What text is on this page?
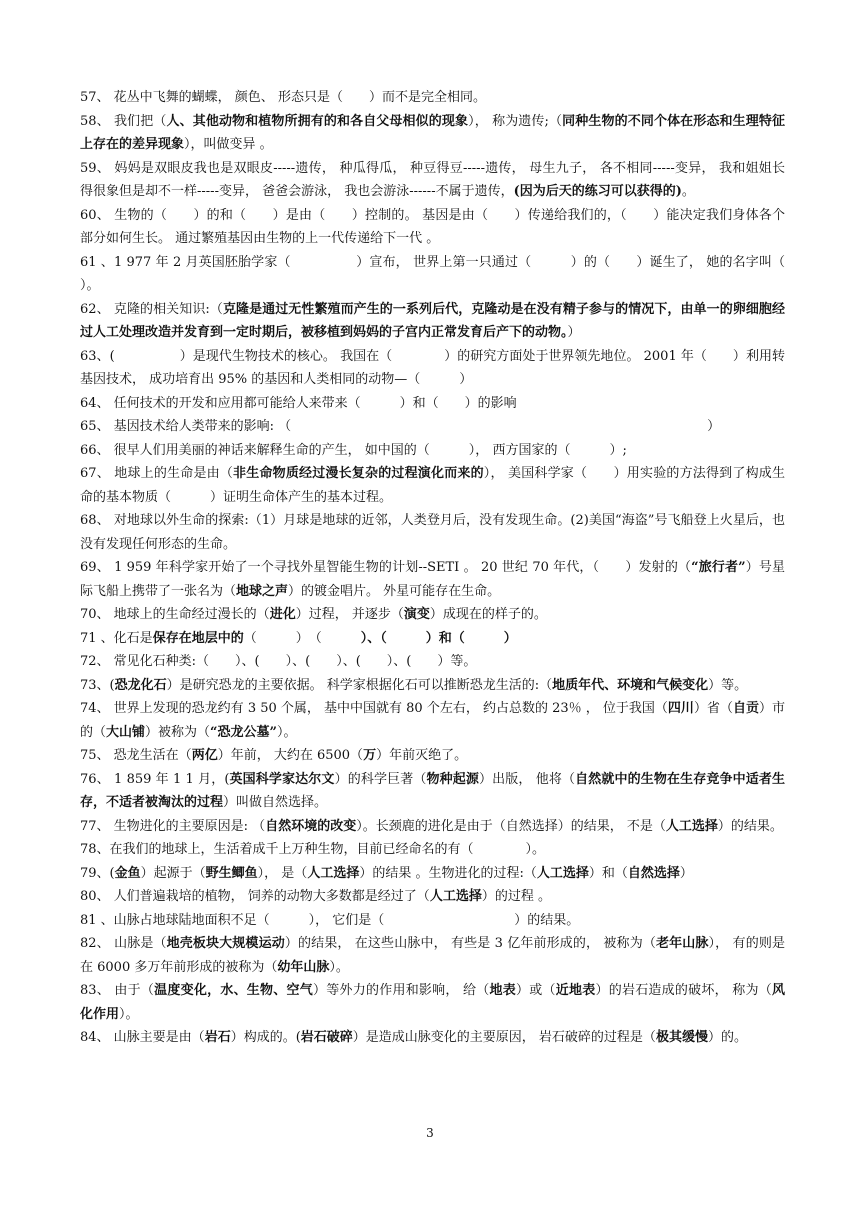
57、 花丛中飞舞的蝴蝶， 颜色、 形态只是（　　）而不是完全相同。

58、 我们把（人、其他动物和植物所拥有的和各自父母相似的现象）， 称为遗传;（同种生物的不同个体在形态和生理特征上存在的差异现象），叫做变异 。

59、 妈妈是双眼皮我也是双眼皮-----遗传， 种瓜得瓜， 种豆得豆-----遗传， 母生九子， 各不相同-----变异， 我和姐姐长得很象但是却不一样-----变异， 爸爸会游泳， 我也会游泳------不属于遗传，(因为后天的练习可以获得的)。

60、 生物的（　　）的和（　　）是由（　　）控制的。 基因是由（　　）传递给我们的，（　　）能决定我们身体各个部分如何生长。 通过繁殖基因由生物的上一代传递给下一代 。

61 、1 977 年 2 月英国胚胎学家（　　　　　）宣布， 世界上第一只通过（　　　）的（　　）诞生了， 她的名字叫（　　　）。

62、 克隆的相关知识:（克隆是通过无性繁殖而产生的一系列后代，克隆动是在没有精子参与的情况下，由单一的卵细胞经过人工处理改造并发育到一定时期后，被移植到妈妈的子宫内正常发育后产下的动物。）

63、(　　　　　）是现代生物技术的核心。 我国在（　　　　）的研究方面处于世界领先地位。 2001 年（　　）利用转基因技术， 成功培育出 95% 的基因和人类相同的动物—（　　　）

64、 任何技术的开发和应用都可能给人来带来（　　　）和（　　）的影响

65、 基因技术给人类带来的影响: （　　　　　　　　　　　　　　　　　　　　　　　　　　　　　　　　）

66、 很早人们用美丽的神话来解释生命的产生， 如中国的（　　　）， 西方国家的（　　　）;

67、 地球上的生命是由（非生命物质经过漫长复杂的过程演化而来的）， 美国科学家（　　）用实验的方法得到了构成生命的基本物质（　　　）证明生命体产生的基本过程。

68、 对地球以外生命的探索:（1）月球是地球的近邻，人类登月后，没有发现生命。(2)美国“海盗”号飞船登上火星后，也没有发现任何形态的生命。

69、 1 959 年科学家开始了一个寻找外星智能生物的计划--SETI 。 20 世纪 70 年代，（　　）发射的（“旅行者”）号星际飞船上携带了一张名为（地球之声）的镀金唱片。 外星可能存在生命。

70、 地球上的生命经过漫长的（进化）过程， 并逐步（演变）成现在的样子的。

71 、化石是保存在地层中的（　　　）　（　　　）、（　　　）和（　　　）

72、 常见化石种类:（　　）、(　　）、(　　）、(　　）、(　　）等。

73、(恐龙化石）是研究恐龙的主要依据。 科学家根据化石可以推断恐龙生活的:（地质年代、环境和气候变化）等。

74、 世界上发现的恐龙约有 3 50 个属， 基中中国就有 80 个左右， 约占总数的 23％ ， 位于我国（四川）省（自贡）市的（大山铺）被称为（“恐龙公墓”）。

75、 恐龙生活在（两亿）年前， 大约在 6500（万）年前灭绝了。

76、 1 859 年 1 1 月，(英国科学家达尔文）的科学巨著（物种起源）出版， 他将（自然就中的生物在生存竞争中适者生存，不适者被淘汰的过程）叫做自然选择。

77、 生物进化的主要原因是: （自然环境的改变）。长颈鹿的进化是由于（自然选择）的结果， 不是（人工选择）的结果。

78、在我们的地球上，生活着成千上万种生物，目前已经命名的有（　　　　）。

79、(金鱼）起源于（野生鲫鱼）， 是（人工选择）的结果 。生物进化的过程:（人工选择）和（自然选择）

80、 人们普遍栽培的植物， 饲养的动物大多数都是经过了（人工选择）的过程 。

81 、山脉占地球陆地面积不足（　　　）， 它们是（　　　　　　　　　　）的结果。

82、 山脉是（地壳板块大规模运动）的结果， 在这些山脉中， 有些是 3 亿年前形成的， 被称为（老年山脉）， 有的则是在 6000 多万年前形成的被称为（幼年山脉）。

83、 由于（温度变化，水、生物、空气）等外力的作用和影响， 给（地表）或（近地表）的岩石造成的破坏， 称为（风化作用）。

84、 山脉主要是由（岩石）构成的。(岩石破碎）是造成山脉变化的主要原因， 岩石破碎的过程是（极其缓慢）的。

3
